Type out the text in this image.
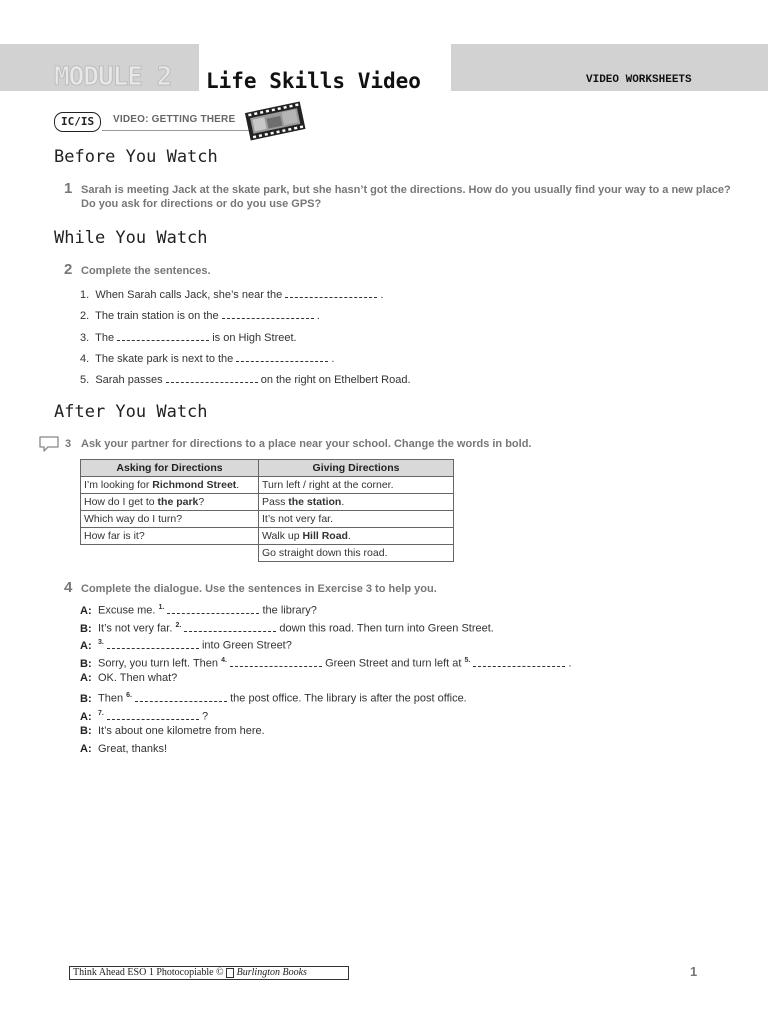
MODULE 2 Life Skills Video	VIDEO WORKSHEETS
IC/IS	VIDEO: GETTING THERE
Before You Watch
1 Sarah is meeting Jack at the skate park, but she hasn’t got the directions. How do you usually find your way to a new place?
Do you ask for directions or do you use GPS?
While You Watch
2 Complete the sentences.
1. When Sarah calls Jack, she’s near the	.
2. The train station is on the	.
3. The	is on High Street.
4. The skate park is next to the	.
5. Sarah passes	on the right on Ethelbert Road.
After You Watch
3 Ask your partner for directions to a place near your school. Change the words in bold.
Asking for Directions	Giving Directions
I’m looking for Richmond Street.	Turn left / right at the corner.
How do I get to the park?	Pass the station.
Which way do I turn?	It’s not very far.
How far is it?	Walk up Hill Road.
	Go straight down this road.
4 Complete the dialogue. Use the sentences in Exercise 3 to help you.
A: Excuse me. $^{1.}$	the library?
B: It’s not very far. $^{2.}$	down this road. Then turn into Green Street.
A: $^{3.}$	into Green Street?
B: Sorry, you turn left. Then $^{4.}$	Green Street and turn left at $^{5.}$	.
A: OK. Then what?
B: Then $^{6.}$	the post office. The library is after the post office.
A: $^{7.}$	?
B: It’s about one kilometre from here.
A: Great, thanks!
Think Ahead ESO 1 Photocopiable ©  Burlington Books	1
